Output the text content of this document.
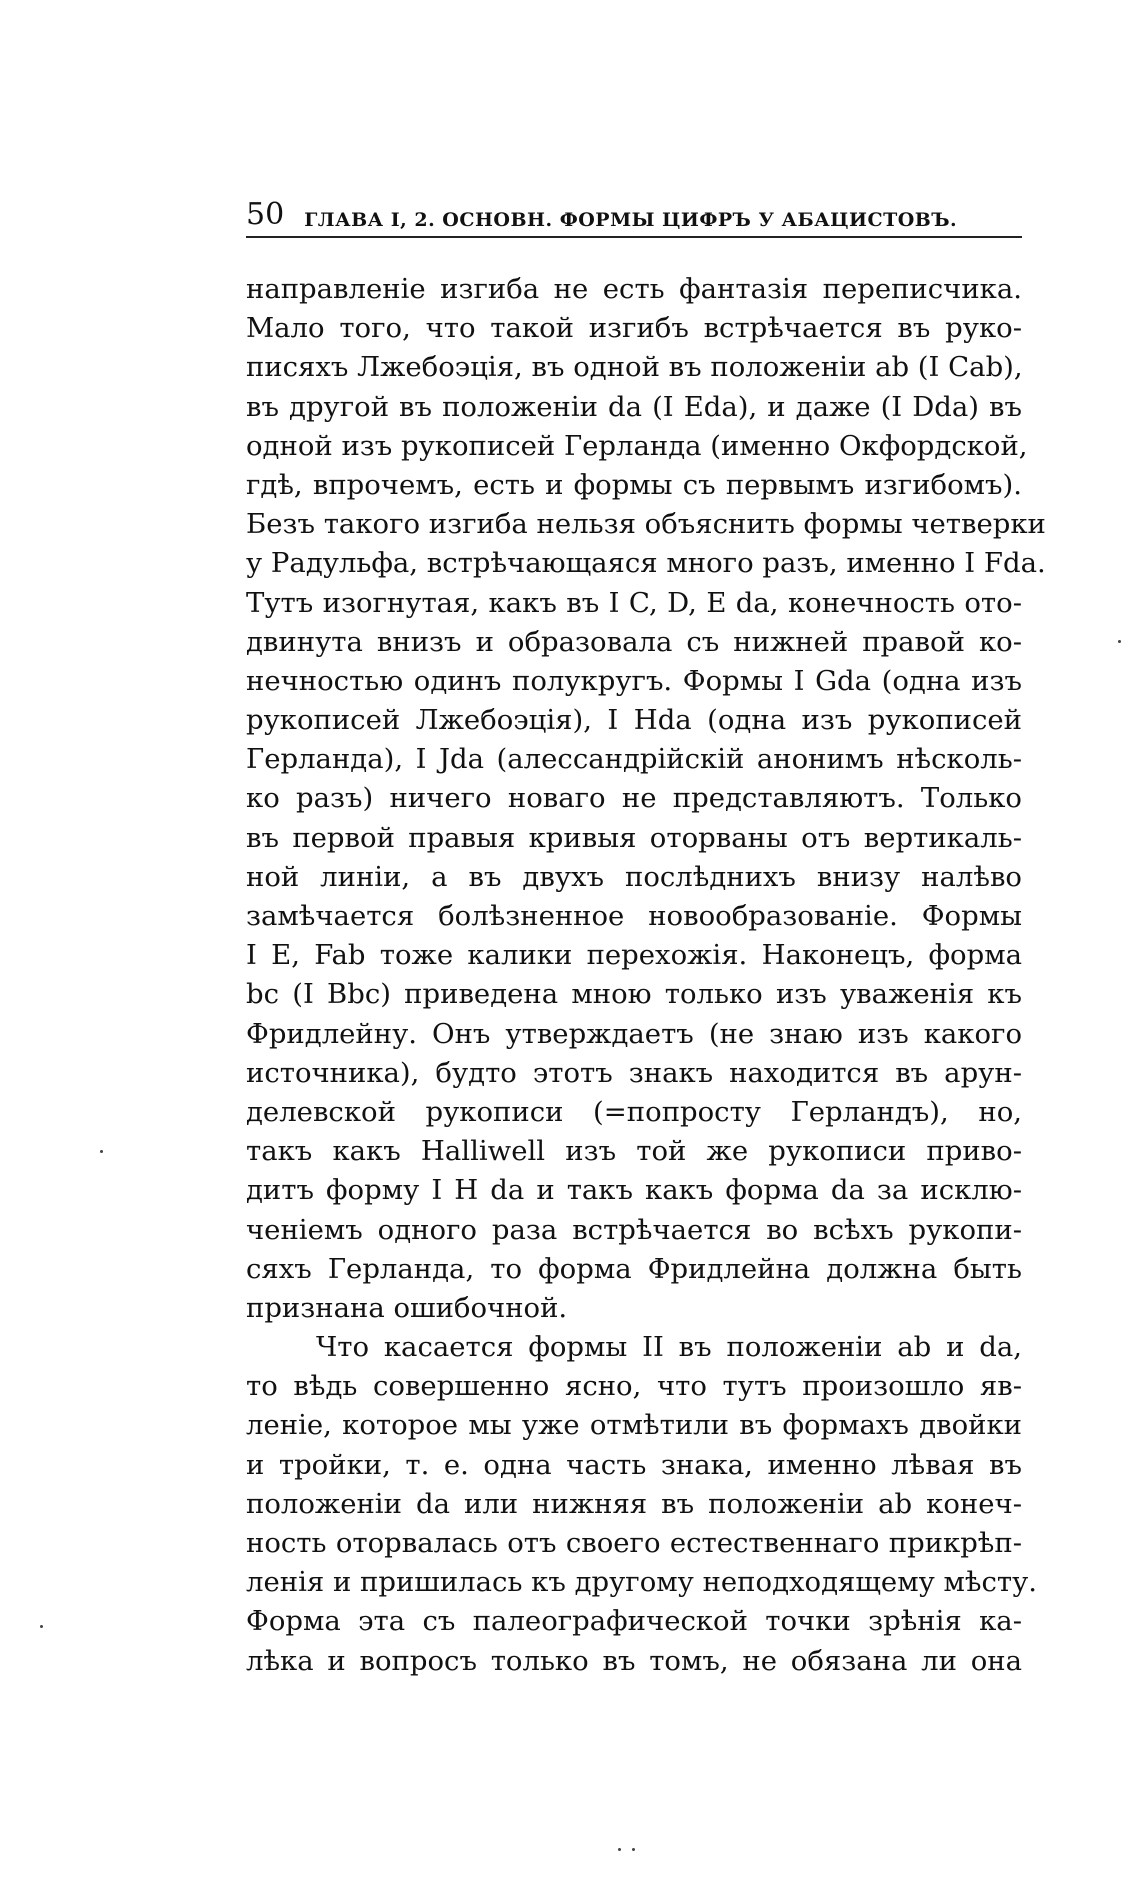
50 ГЛАВА I, 2. ОСНОВН. ФОРМЫ ЦИФРЪ У АБАЦИСТОВЪ.
направленіе изгиба не есть фантазія переписчика.
Мало того, что такой изгибъ встрѣчается въ руко-
писяхъ Лжебоэція, въ одной въ положеніи ab (I Cab),
въ другой въ положеніи da (I Eda), и даже (I Dda) въ
одной изъ рукописей Герланда (именно Окфордской,
гдѣ, впрочемъ, есть и формы съ первымъ изгибомъ).
Безъ такого изгиба нельзя объяснить формы четверки
у Радульфа, встрѣчающаяся много разъ, именно I Fda.
Тутъ изогнутая, какъ въ I C, D, E da, конечность ото-
двинута внизъ и образовала съ нижней правой ко-
нечностью одинъ полукругъ. Формы I Gda (одна изъ
рукописей Лжебоэція), I Hda (одна изъ рукописей
Герланда), I Jda (алессандрійскій анонимъ нѣсколь-
ко разъ) ничего новаго не представляютъ. Только
въ первой правыя кривыя оторваны отъ вертикаль-
ной линіи, а въ двухъ послѣднихъ внизу налѣво
замѣчается болѣзненное новообразованіе. Формы
I E, Fab тоже калики перехожія. Наконецъ, форма
bc (I Bbc) приведена мною только изъ уваженія къ
Фридлейну. Онъ утверждаетъ (не знаю изъ какого
источника), будто этотъ знакъ находится въ арун-
делевской рукописи (=попросту Герландъ), но,
такъ какъ Halliwell изъ той же рукописи приво-
дитъ форму I H da и такъ какъ форма da за исклю-
ченіемъ одного раза встрѣчается во всѣхъ рукопи-
сяхъ Герланда, то форма Фридлейна должна быть
признана ошибочной.
Что касается формы II въ положеніи ab и da,
то вѣдь совершенно ясно, что тутъ произошло яв-
леніе, которое мы уже отмѣтили въ формахъ двойки
и тройки, т. е. одна часть знака, именно лѣвая въ
положеніи da или нижняя въ положеніи ab конеч-
ность оторвалась отъ своего естественнаго прикрѣп-
ленія и пришилась къ другому неподходящему мѣсту.
Форма эта съ палеографической точки зрѣнія ка-
лѣка и вопросъ только въ томъ, не обязана ли она
